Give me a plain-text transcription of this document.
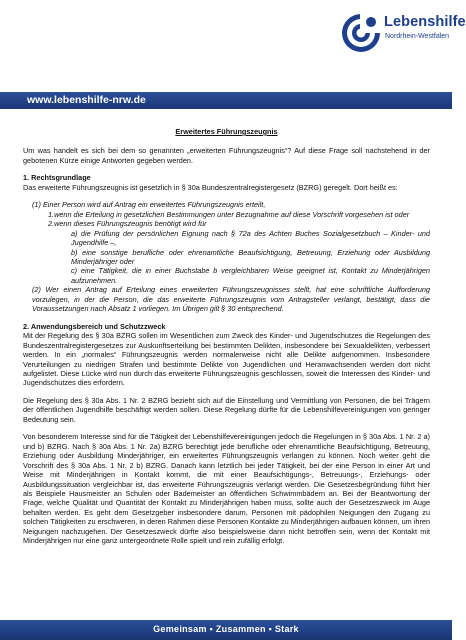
Lebenshilfe
Nordrhein-Westfalen
www.lebenshilfe-nrw.de

Erweitertes Führungszeugnis

Um was handelt es sich bei dem so genannten „erweiterten Führungszeugnis“? Auf diese Frage soll nachstehend in der gebotenen Kürze einige Antworten gegeben werden.

1. Rechtsgrundlage

Das erweiterte Führungszeugnis ist gesetzlich in § 30a Bundeszentralregistergesetz (BZRG) geregelt. Dort heißt es:

(1) Einer Person wird auf Antrag ein erweitertes Führungszeugnis erteilt,

1.wenn die Erteilung in gesetzlichen Bestimmungen unter Bezugnahme auf diese Vorschrift vorgesehen ist oder

2.wenn dieses Führungszeugnis benötigt wird für

a) die Prüfung der persönlichen Eignung nach § 72a des Achten Buches Sozialgesetzbuch – Kinder- und Jugendhilfe –,

b) eine sonstige berufliche oder ehrenamtliche Beaufsichtigung, Betreuung, Erziehung oder Ausbildung Minderjähriger oder

c) eine Tätigkeit, die in einer Buchstabe b vergleichbaren Weise geeignet ist, Kontakt zu Minderjährigen aufzunehmen.

(2) Wer einen Antrag auf Erteilung eines erweiterten Führungszeugnisses stellt, hat eine schriftliche Aufforderung vorzulegen, in der die Person, die das erweiterte Führungszeugnis vom Antragsteller verlangt, bestätigt, dass die Voraussetzungen nach Absatz 1 vorliegen. Im Übrigen gilt § 30 entsprechend.

2. Anwendungsbereich und Schutzzweck

Mit der Regelung des § 30a BZRG sollen im Wesentlichen zum Zweck des Kinder- und Jugendschutzes die Regelungen des Bundeszentralregistergesetzes zur Auskunftserteilung bei bestimmten Delikten, insbesondere bei Sexualdelikten, verbessert werden. In ein „normales“ Führungszeugnis werden normalerweise nicht alle Delikte aufgenommen. Insbesondere Verurteilungen zu niedrigen Strafen und bestimmte Delikte von Jugendlichen und Heranwachsenden werden dort nicht aufgelistet. Diese Lücke wird nun durch das erweiterte Führungszeugnis geschlossen, soweit die Interessen des Kinder- und Jugendschutzes dies erfordern.

Die Regelung des § 30a Abs. 1 Nr. 2 BZRG bezieht sich auf die Einstellung und Vermittlung von Personen, die bei Trägern der öffentlichen Jugendhilfe beschäftigt werden sollen. Diese Regelung dürfte für die Lebenshilfevereinigungen von geringer Bedeutung sein.

Von besonderem Interesse sind für die Tätigkeit der Lebenshilfevereinigungen jedoch die Regelungen in § 30a Abs. 1 Nr. 2 a) und b) BZRG. Nach § 30a Abs. 1 Nr. 2a) BZRG berechtigt jede berufliche oder ehrenamtliche Beaufsichtigung, Betreuung, Erziehung oder Ausbildung Minderjähriger, ein erweitertes Führungszeugnis verlangen zu können. Noch weiter geht die Vorschrift des § 30a Abs. 1 Nr. 2 b) BZRG. Danach kann letztlich bei jeder Tätigkeit, bei der eine Person in einer Art und Weise mit Minderjährigen in Kontakt kommt, die mit einer Beaufsichtigungs-, Betreuungs-, Erziehungs- oder Ausbildungssituation vergleichbar ist, das erweiterte Führungszeugnis verlangt werden. Die Gesetzesbegründung führt hier als Beispiele Hausmeister an Schulen oder Bademeister an öffentlichen Schwimmbädern an. Bei der Beantwortung der Frage, welche Qualität und Quantität der Kontakt zu Minderjährigen haben muss, sollte auch der Gesetzeszweck im Auge behalten werden. Es geht dem Gesetzgeber insbesondere darum, Personen mit pädophilen Neigungen den Zugang zu solchen Tätigkeiten zu erschweren, in deren Rahmen diese Personen Kontakte zu Minderjährigen aufbauen können, um ihren Neigungen nachzugehen. Der Gesetzeszweck dürfte also beispielsweise dann nicht betroffen sein, wenn der Kontakt mit Minderjährigen nur eine ganz untergeordnete Rolle spielt und rein zufällig erfolgt.

Gemeinsam • Zusammen • Stark
